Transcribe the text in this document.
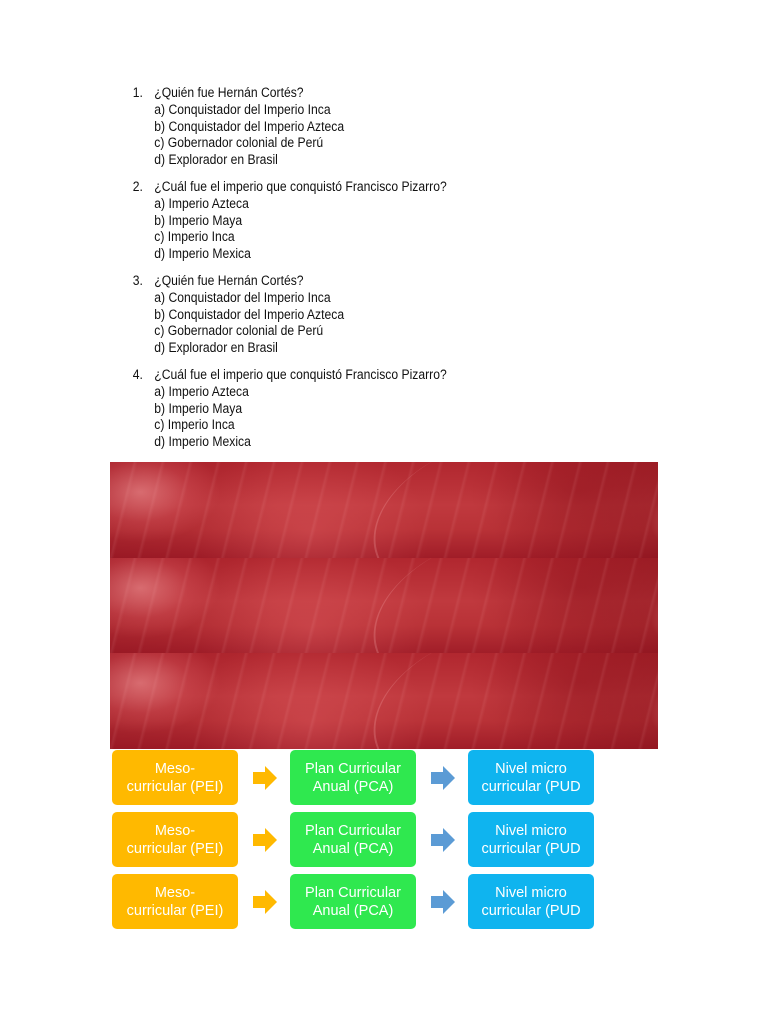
1. ¿Quién fue Hernán Cortés?
a) Conquistador del Imperio Inca
b) Conquistador del Imperio Azteca
c) Gobernador colonial de Perú
d) Explorador en Brasil
2. ¿Cuál fue el imperio que conquistó Francisco Pizarro?
a) Imperio Azteca
b) Imperio Maya
c) Imperio Inca
d) Imperio Mexica
3. ¿Quién fue Hernán Cortés?
a) Conquistador del Imperio Inca
b) Conquistador del Imperio Azteca
c) Gobernador colonial de Perú
d) Explorador en Brasil
4. ¿Cuál fue el imperio que conquistó Francisco Pizarro?
a) Imperio Azteca
b) Imperio Maya
c) Imperio Inca
d) Imperio Mexica
Meso-
curricular (PEI)
Plan Curricular
Anual (PCA)
Nivel micro
curricular (PUD
Meso-
curricular (PEI)
Plan Curricular
Anual (PCA)
Nivel micro
curricular (PUD
Meso-
curricular (PEI)
Plan Curricular
Anual (PCA)
Nivel micro
curricular (PUD
